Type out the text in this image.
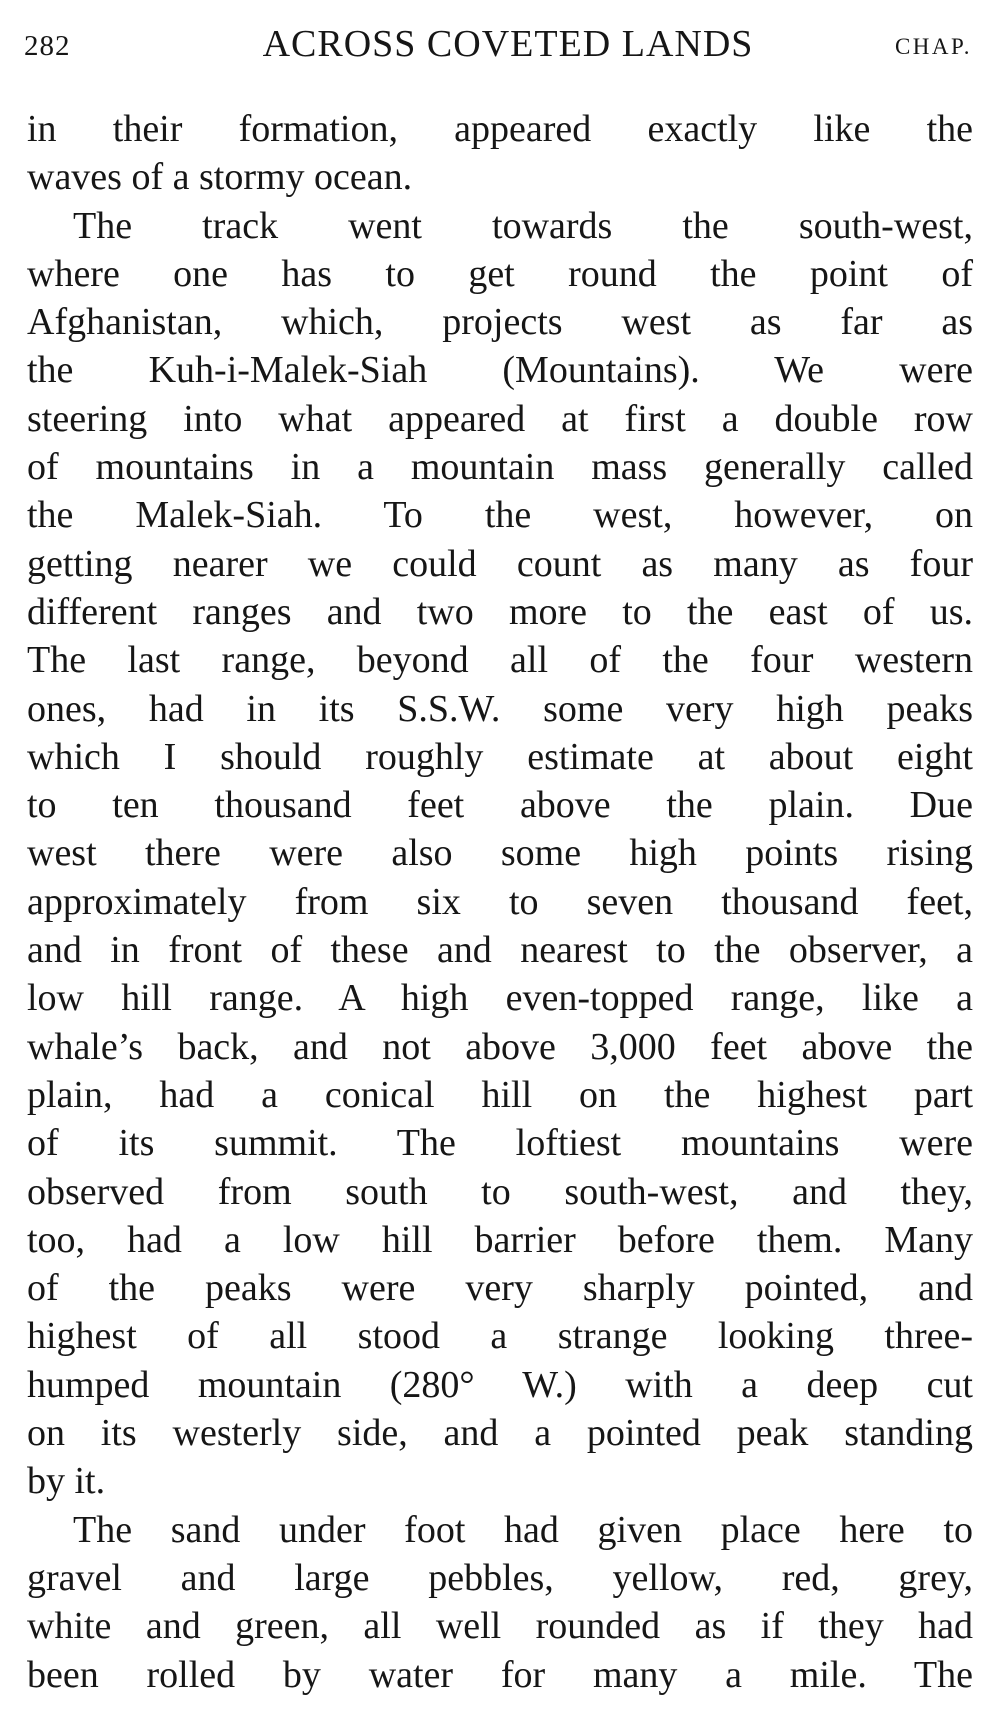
282	ACROSS COVETED LANDS	CHAP.
in their formation, appeared exactly like the
waves of a stormy ocean.
The track went towards the south-west,
where one has to get round the point of
Afghanistan, which, projects west as far as
the Kuh-i-Malek-Siah (Mountains). We were
steering into what appeared at first a double row
of mountains in a mountain mass generally called
the Malek-Siah. To the west, however, on
getting nearer we could count as many as four
different ranges and two more to the east of us.
The last range, beyond all of the four western
ones, had in its S.S.W. some very high peaks
which I should roughly estimate at about eight
to ten thousand feet above the plain. Due
west there were also some high points rising
approximately from six to seven thousand feet,
and in front of these and nearest to the observer, a
low hill range. A high even-topped range, like a
whale’s back, and not above 3,000 feet above the
plain, had a conical hill on the highest part
of its summit. The loftiest mountains were
observed from south to south-west, and they,
too, had a low hill barrier before them. Many
of the peaks were very sharply pointed, and
highest of all stood a strange looking three-
humped mountain (280° W.) with a deep cut
on its westerly side, and a pointed peak standing
by it.
The sand under foot had given place here to
gravel and large pebbles, yellow, red, grey,
white and green, all well rounded as if they had
been rolled by water for many a mile. The
